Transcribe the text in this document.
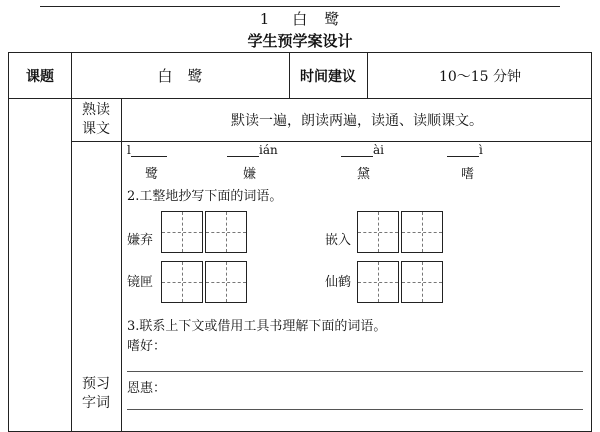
1 白　鹭
学生预学案设计
课题	白　鹭	时间建议	10～15 分钟
熟读
课文	默读一遍，朗读两遍，读通、读顺课文。
预习
字词
l	ián	ài	ì
鹭	嫌	黛	嗜
2.工整地抄写下面的词语。
嫌弃	嵌入
镜匣	仙鹤
3.联系上下文或借用工具书理解下面的词语。
嗜好：
恩惠：
